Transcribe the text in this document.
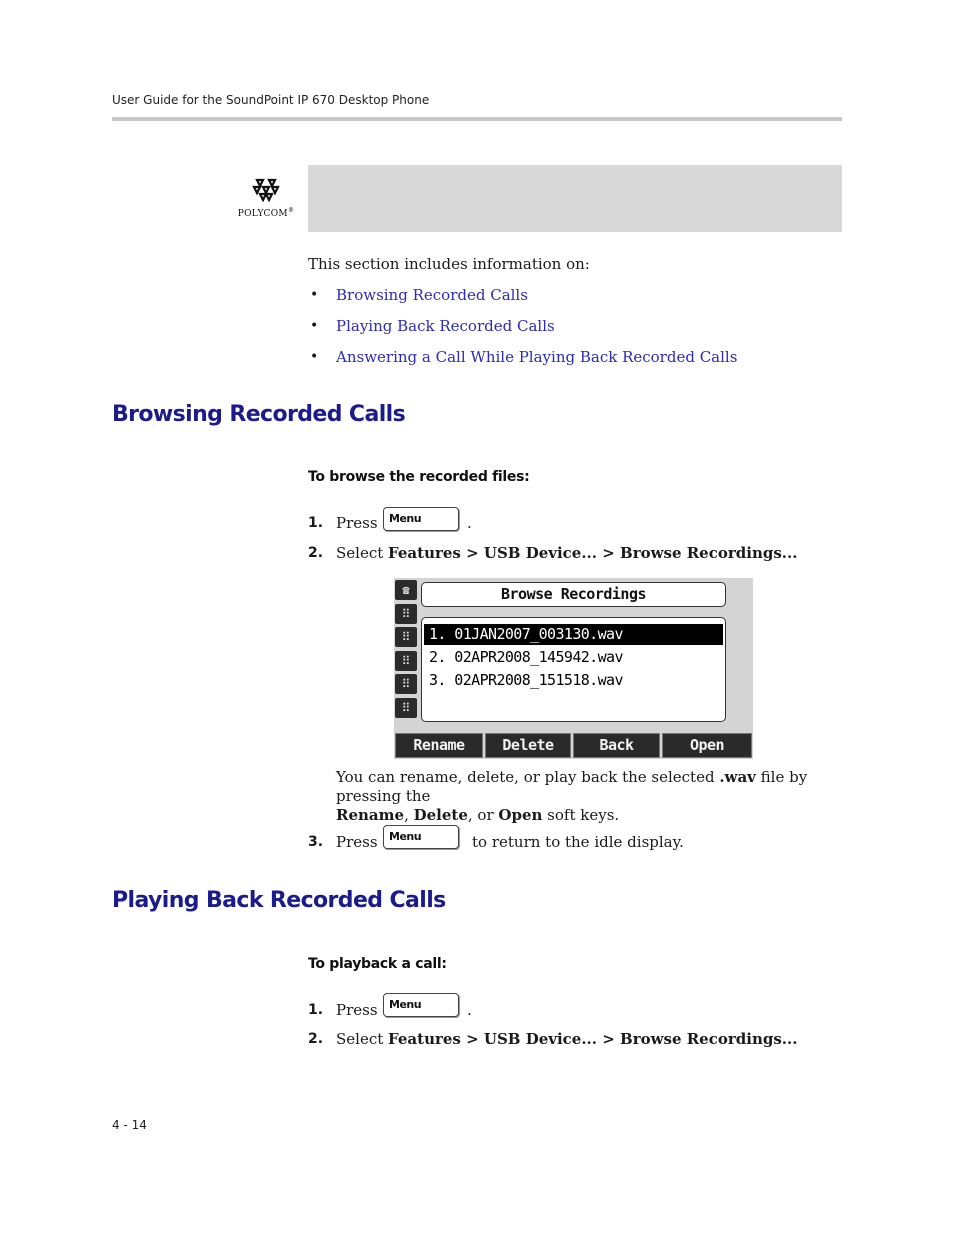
User Guide for the SoundPoint IP 670 Desktop Phone
POLYCOM®
This section includes information on:
• Browsing Recorded Calls
• Playing Back Recorded Calls
• Answering a Call While Playing Back Recorded Calls
Browsing Recorded Calls
To browse the recorded files:
1. Press	Menu	.
2. Select Features > USB Device... > Browse Recordings...
☎
⠿
⠿
⠿
⠿
⠿
Browse Recordings
1. 01JAN2007_003130.wav
2. 02APR2008_145942.wav
3. 02APR2008_151518.wav
Rename	Delete	Back	Open
You can rename, delete, or play back the selected .wav file by pressing the
Rename, Delete, or Open soft keys.
3. Press	Menu	to return to the idle display.
Playing Back Recorded Calls
To playback a call:
1. Press	Menu	.
2. Select Features > USB Device... > Browse Recordings...
4 - 14
